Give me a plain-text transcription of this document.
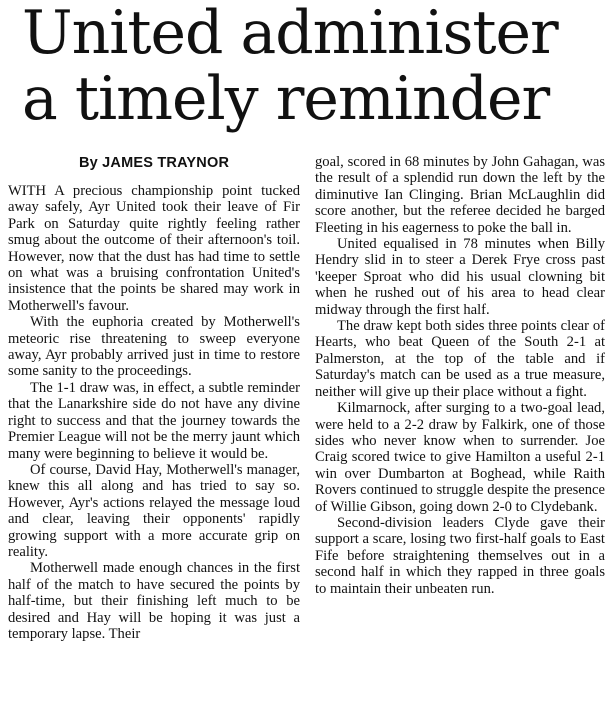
United administer
a timely reminder
By JAMES TRAYNOR

WITH A precious championship point tucked away safely, Ayr United took their leave of Fir Park on Saturday quite rightly feeling rather smug about the outcome of their afternoon's toil. However, now that the dust has had time to settle on what was a bruising confrontation United's insistence that the points be shared may work in Motherwell's favour.

With the euphoria created by Motherwell's meteoric rise threatening to sweep everyone away, Ayr probably arrived just in time to restore some sanity to the proceedings.

The 1-1 draw was, in effect, a subtle reminder that the Lanarkshire side do not have any divine right to success and that the journey towards the Premier League will not be the merry jaunt which many were beginning to believe it would be.

Of course, David Hay, Motherwell's manager, knew this all along and has tried to say so. However, Ayr's actions relayed the message loud and clear, leaving their opponents' rapidly growing support with a more accurate grip on reality.

Motherwell made enough chances in the first half of the match to have secured the points by half-time, but their finishing left much to be desired and Hay will be hoping it was just a temporary lapse. Their

goal, scored in 68 minutes by John Gahagan, was the result of a splendid run down the left by the diminutive Ian Clinging. Brian McLaughlin did score another, but the referee decided he barged Fleeting in his eagerness to poke the ball in.

United equalised in 78 minutes when Billy Hendry slid in to steer a Derek Frye cross past 'keeper Sproat who did his usual clowning bit when he rushed out of his area to head clear midway through the first half.

The draw kept both sides three points clear of Hearts, who beat Queen of the South 2-1 at Palmerston, at the top of the table and if Saturday's match can be used as a true measure, neither will give up their place without a fight.

Kilmarnock, after surging to a two-goal lead, were held to a 2-2 draw by Falkirk, one of those sides who never know when to surrender. Joe Craig scored twice to give Hamilton a useful 2-1 win over Dumbarton at Boghead, while Raith Rovers continued to struggle despite the presence of Willie Gibson, going down 2-0 to Clydebank.

Second-division leaders Clyde gave their support a scare, losing two first-half goals to East Fife before straightening themselves out in a second half in which they rapped in three goals to maintain their unbeaten run.
